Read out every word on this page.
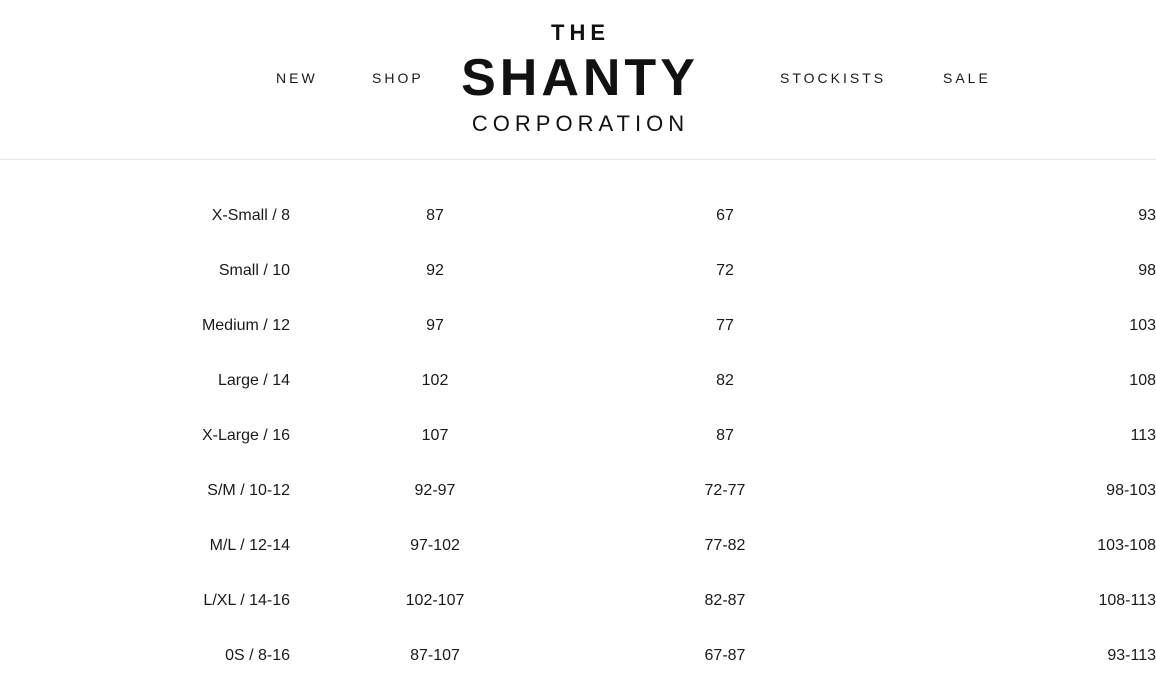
THE
SHANTY
CORPORATION
NEW	SHOP	STOCKISTS	SALE
X-Small / 8	87	67	93
Small / 10	92	72	98
Medium / 12	97	77	103
Large / 14	102	82	108
X-Large / 16	107	87	113
S/M / 10-12	92-97	72-77	98-103
M/L / 12-14	97-102	77-82	103-108
L/XL / 14-16	102-107	82-87	108-113
0S / 8-16	87-107	67-87	93-113
